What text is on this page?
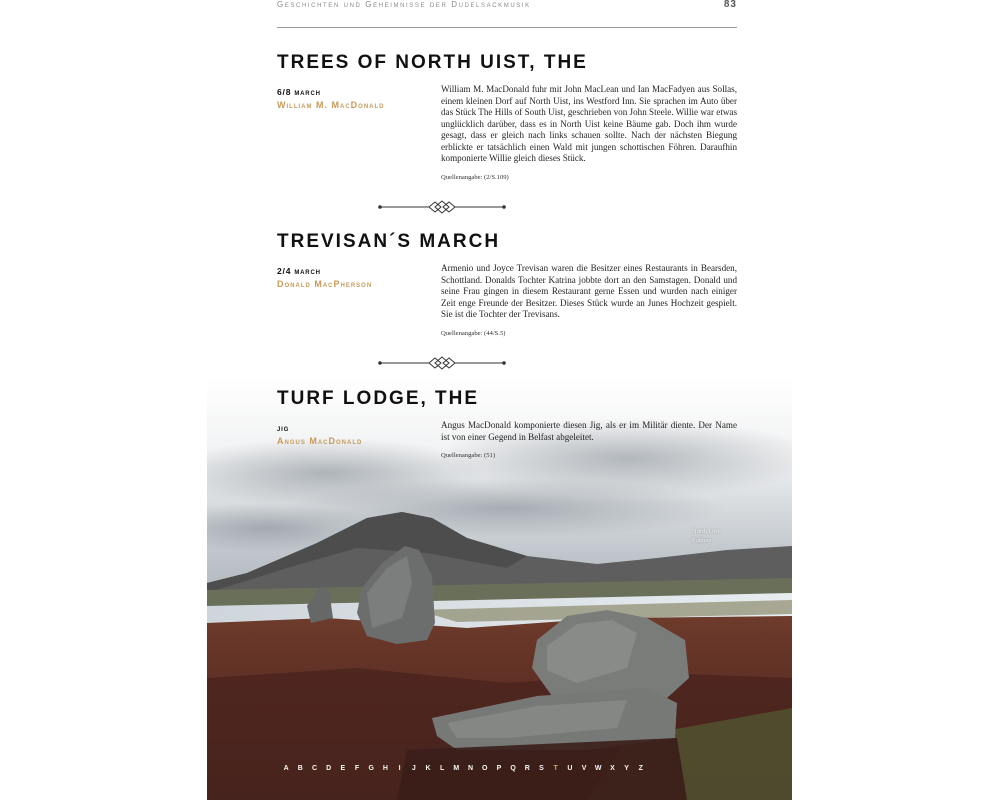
Geschichten und Geheimnisse der Dudelsackmusik	83
TREES OF NORTH UIST, THE
6/8 march
William M. MacDonald
William M. MacDonald fuhr mit John MacLean und Ian MacFadyen aus Sollas, einem kleinen Dorf auf North Uist, ins Westford Inn. Sie sprachen im Auto über das Stück The Hills of South Uist, geschrieben von John Steele. Willie war etwas unglücklich darüber, dass es in North Uist keine Bäume gab. Doch ihm wurde gesagt, dass er gleich nach links schauen sollte. Nach der nächsten Biegung erblickte er tatsächlich einen Wald mit jungen schottischen Föhren. Daraufhin komponierte Willie gleich dieses Stück.
Quellenangabe: (2/S.109)
TREVISAN´S MARCH
2/4 march
Donald MacPherson
Armenio und Joyce Trevisan waren die Besitzer eines Restaurants in Bearsden, Schottland. Donalds Tochter Katrina jobbte dort an den Samstagen. Donald und seine Frau gingen in diesem Restaurant gerne Essen und wurden nach einiger Zeit enge Freunde der Besitzer. Dieses Stück wurde an Junes Hochzeit gespielt. Sie ist die Tochter der Trevisans.
Quellenangabe: (44/S.5)
TURF LODGE, THE
jig
Angus MacDonald
Angus MacDonald komponierte diesen Jig, als er im Militär diente. Der Name ist von einer Gegend in Belfast abgeleitet.
Quellenangabe: (51)
North Uist
Pobbay
A	B	C	D	E	F	G	H	I	J	K	L	M	N	O	P	Q	R	S	T	U	V	W	X	Y	Z
